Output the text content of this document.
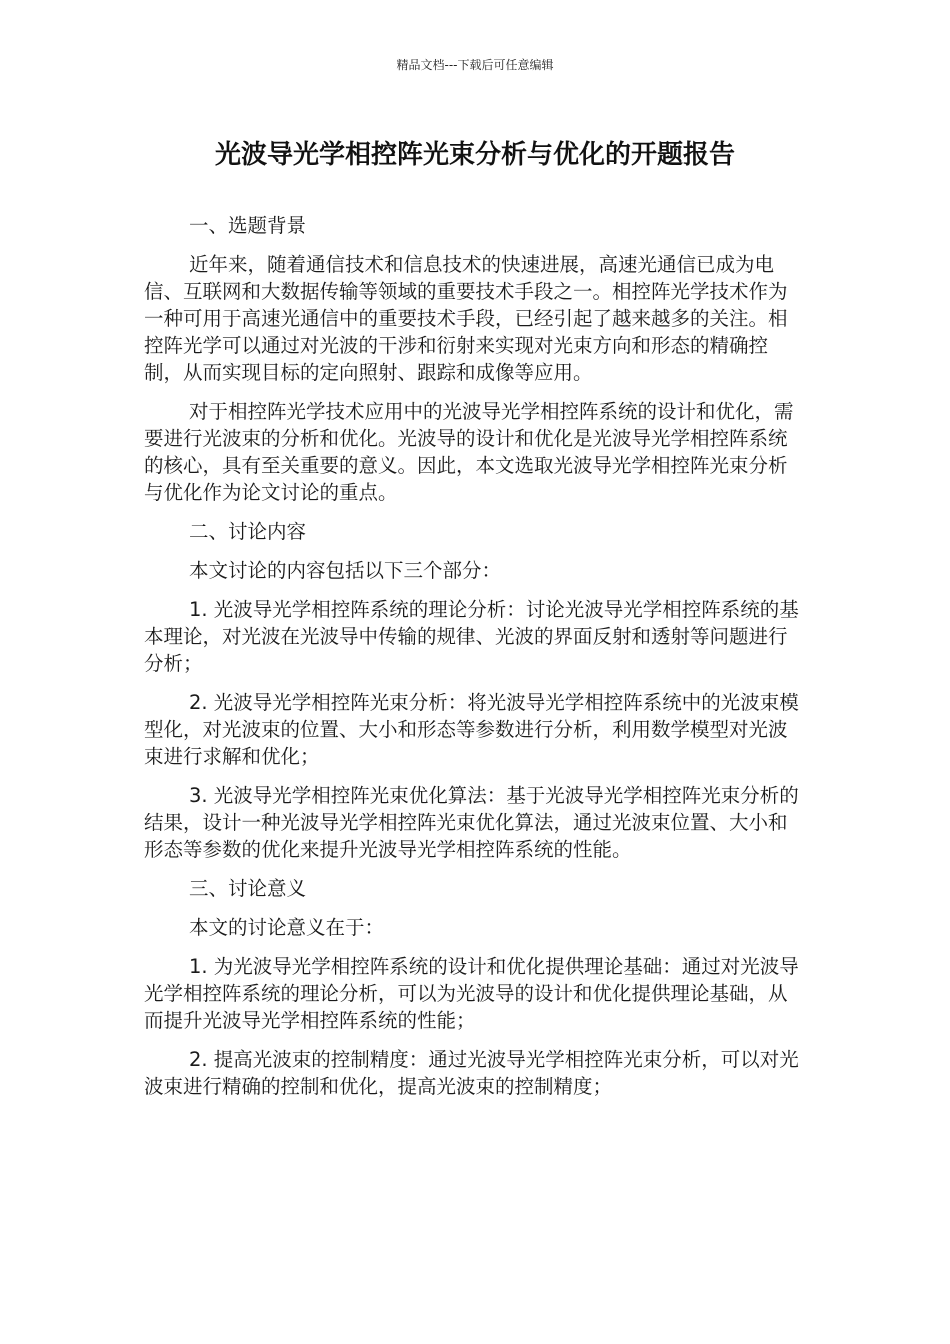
精品文档---下载后可任意编辑
光波导光学相控阵光束分析与优化的开题报告
一、选题背景

近年来，随着通信技术和信息技术的快速进展，高速光通信已成为电信、互联网和大数据传输等领域的重要技术手段之一。相控阵光学技术作为一种可用于高速光通信中的重要技术手段，已经引起了越来越多的关注。相控阵光学可以通过对光波的干涉和衍射来实现对光束方向和形态的精确控制，从而实现目标的定向照射、跟踪和成像等应用。

对于相控阵光学技术应用中的光波导光学相控阵系统的设计和优化，需要进行光波束的分析和优化。光波导的设计和优化是光波导光学相控阵系统的核心，具有至关重要的意义。因此，本文选取光波导光学相控阵光束分析与优化作为论文讨论的重点。

二、讨论内容

本文讨论的内容包括以下三个部分：

1. 光波导光学相控阵系统的理论分析：讨论光波导光学相控阵系统的基本理论，对光波在光波导中传输的规律、光波的界面反射和透射等问题进行分析；

2. 光波导光学相控阵光束分析：将光波导光学相控阵系统中的光波束模型化，对光波束的位置、大小和形态等参数进行分析，利用数学模型对光波束进行求解和优化；

3. 光波导光学相控阵光束优化算法：基于光波导光学相控阵光束分析的结果，设计一种光波导光学相控阵光束优化算法，通过光波束位置、大小和形态等参数的优化来提升光波导光学相控阵系统的性能。

三、讨论意义

本文的讨论意义在于：

1. 为光波导光学相控阵系统的设计和优化提供理论基础：通过对光波导光学相控阵系统的理论分析，可以为光波导的设计和优化提供理论基础，从而提升光波导光学相控阵系统的性能；

2. 提高光波束的控制精度：通过光波导光学相控阵光束分析，可以对光波束进行精确的控制和优化，提高光波束的控制精度；
